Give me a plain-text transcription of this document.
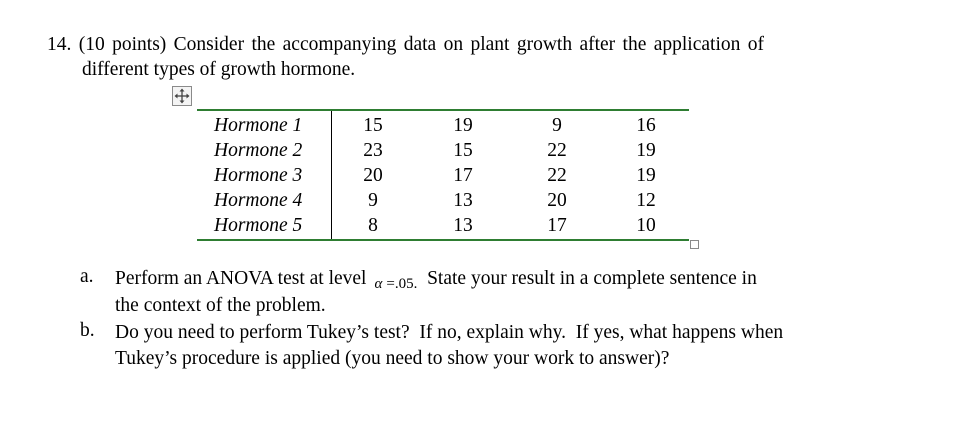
14. (10 points) Consider the accompanying data on plant growth after the application of
different types of growth hormone.
Hormone 1	15	19	9	16
Hormone 2	23	15	22	19
Hormone 3	20	17	22	19
Hormone 4	9	13	20	12
Hormone 5	8	13	17	10
a. Perform an ANOVA test at level $_\alpha$ $_{=.05.}$ State your result in a complete sentence in
the context of the problem.
b. Do you need to perform Tukey’s test?  If no, explain why.  If yes, what happens when
Tukey’s procedure is applied (you need to show your work to answer)?
